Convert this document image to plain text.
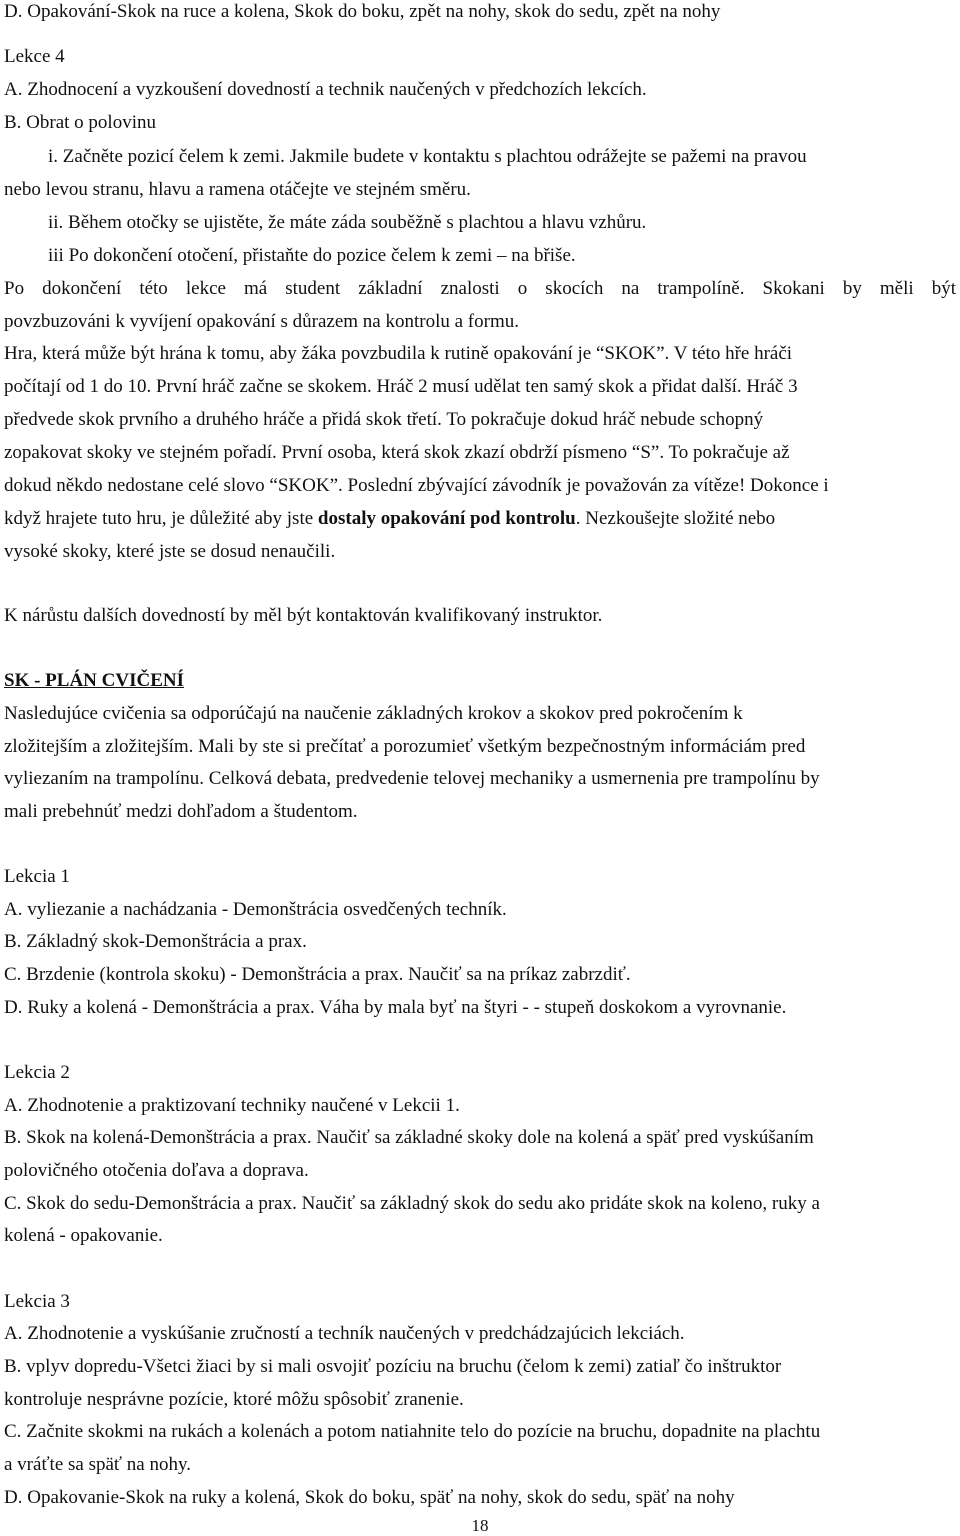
D. Opakování-Skok na ruce a kolena, Skok do boku, zpět na nohy, skok do sedu, zpět na nohy
Lekce 4
A. Zhodnocení a vyzkoušení dovedností a technik naučených v předchozích lekcích.
B. Obrat o polovinu
i. Začněte pozicí čelem k zemi. Jakmile budete v kontaktu s plachtou odrážejte se pažemi na pravou
nebo levou stranu, hlavu a ramena otáčejte ve stejném směru.
ii. Během otočky se ujistěte, že máte záda souběžně s plachtou a hlavu vzhůru.
iii Po dokončení otočení, přistaňte do pozice čelem k zemi – na břiše.
Po dokončení této lekce má student základní znalosti o skocích na trampolíně. Skokani by měli být
povzbuzováni k vyvíjení opakování s důrazem na kontrolu a formu.
Hra, která může být hrána k tomu, aby žáka povzbudila k rutině opakování je “SKOK”. V této hře hráči
počítají od 1 do 10. První hráč začne se skokem. Hráč 2 musí udělat ten samý skok a přidat další. Hráč 3
předvede skok prvního a druhého hráče a přidá skok třetí. To pokračuje dokud hráč nebude schopný
zopakovat skoky ve stejném pořadí. První osoba, která skok zkazí obdrží písmeno “S”. To pokračuje až
dokud někdo nedostane celé slovo “SKOK”. Poslední zbývající závodník je považován za vítěze! Dokonce i
když hrajete tuto hru, je důležité aby jste dostaly opakování pod kontrolu. Nezkoušejte složité nebo
vysoké skoky, které jste se dosud nenaučili.
K nárůstu dalších dovedností by měl být kontaktován kvalifikovaný instruktor.
SK - PLÁN CVIČENÍ
Nasledujúce cvičenia sa odporúčajú na naučenie základných krokov a skokov pred pokročením k
zložitejším a zložitejším. Mali by ste si prečítať a porozumieť všetkým bezpečnostným informáciám pred
vyliezaním na trampolínu. Celková debata, predvedenie telovej mechaniky a usmernenia pre trampolínu by
mali prebehnúť medzi dohľadom a študentom.
Lekcia 1
A. vyliezanie a nachádzania - Demonštrácia osvedčených techník.
B. Základný skok-Demonštrácia a prax.
C. Brzdenie (kontrola skoku) - Demonštrácia a prax. Naučiť sa na príkaz zabrzdiť.
D. Ruky a kolená - Demonštrácia a prax. Váha by mala byť na štyri - - stupeň doskokom a vyrovnanie.
Lekcia 2
A. Zhodnotenie a praktizovaní techniky naučené v Lekcii 1.
B. Skok na kolená-Demonštrácia a prax. Naučiť sa základné skoky dole na kolená a späť pred vyskúšaním
polovičného otočenia doľava a doprava.
C. Skok do sedu-Demonštrácia a prax. Naučiť sa základný skok do sedu ako pridáte skok na koleno, ruky a
kolená - opakovanie.
Lekcia 3
A. Zhodnotenie a vyskúšanie zručností a techník naučených v predchádzajúcich lekciách.
B. vplyv dopredu-Všetci žiaci by si mali osvojiť pozíciu na bruchu (čelom k zemi) zatiaľ čo inštruktor
kontroluje nesprávne pozície, ktoré môžu spôsobiť zranenie.
C. Začnite skokmi na rukách a kolenách a potom natiahnite telo do pozície na bruchu, dopadnite na plachtu
a vráťte sa späť na nohy.
D. Opakovanie-Skok na ruky a kolená, Skok do boku, späť na nohy, skok do sedu, späť na nohy
18
